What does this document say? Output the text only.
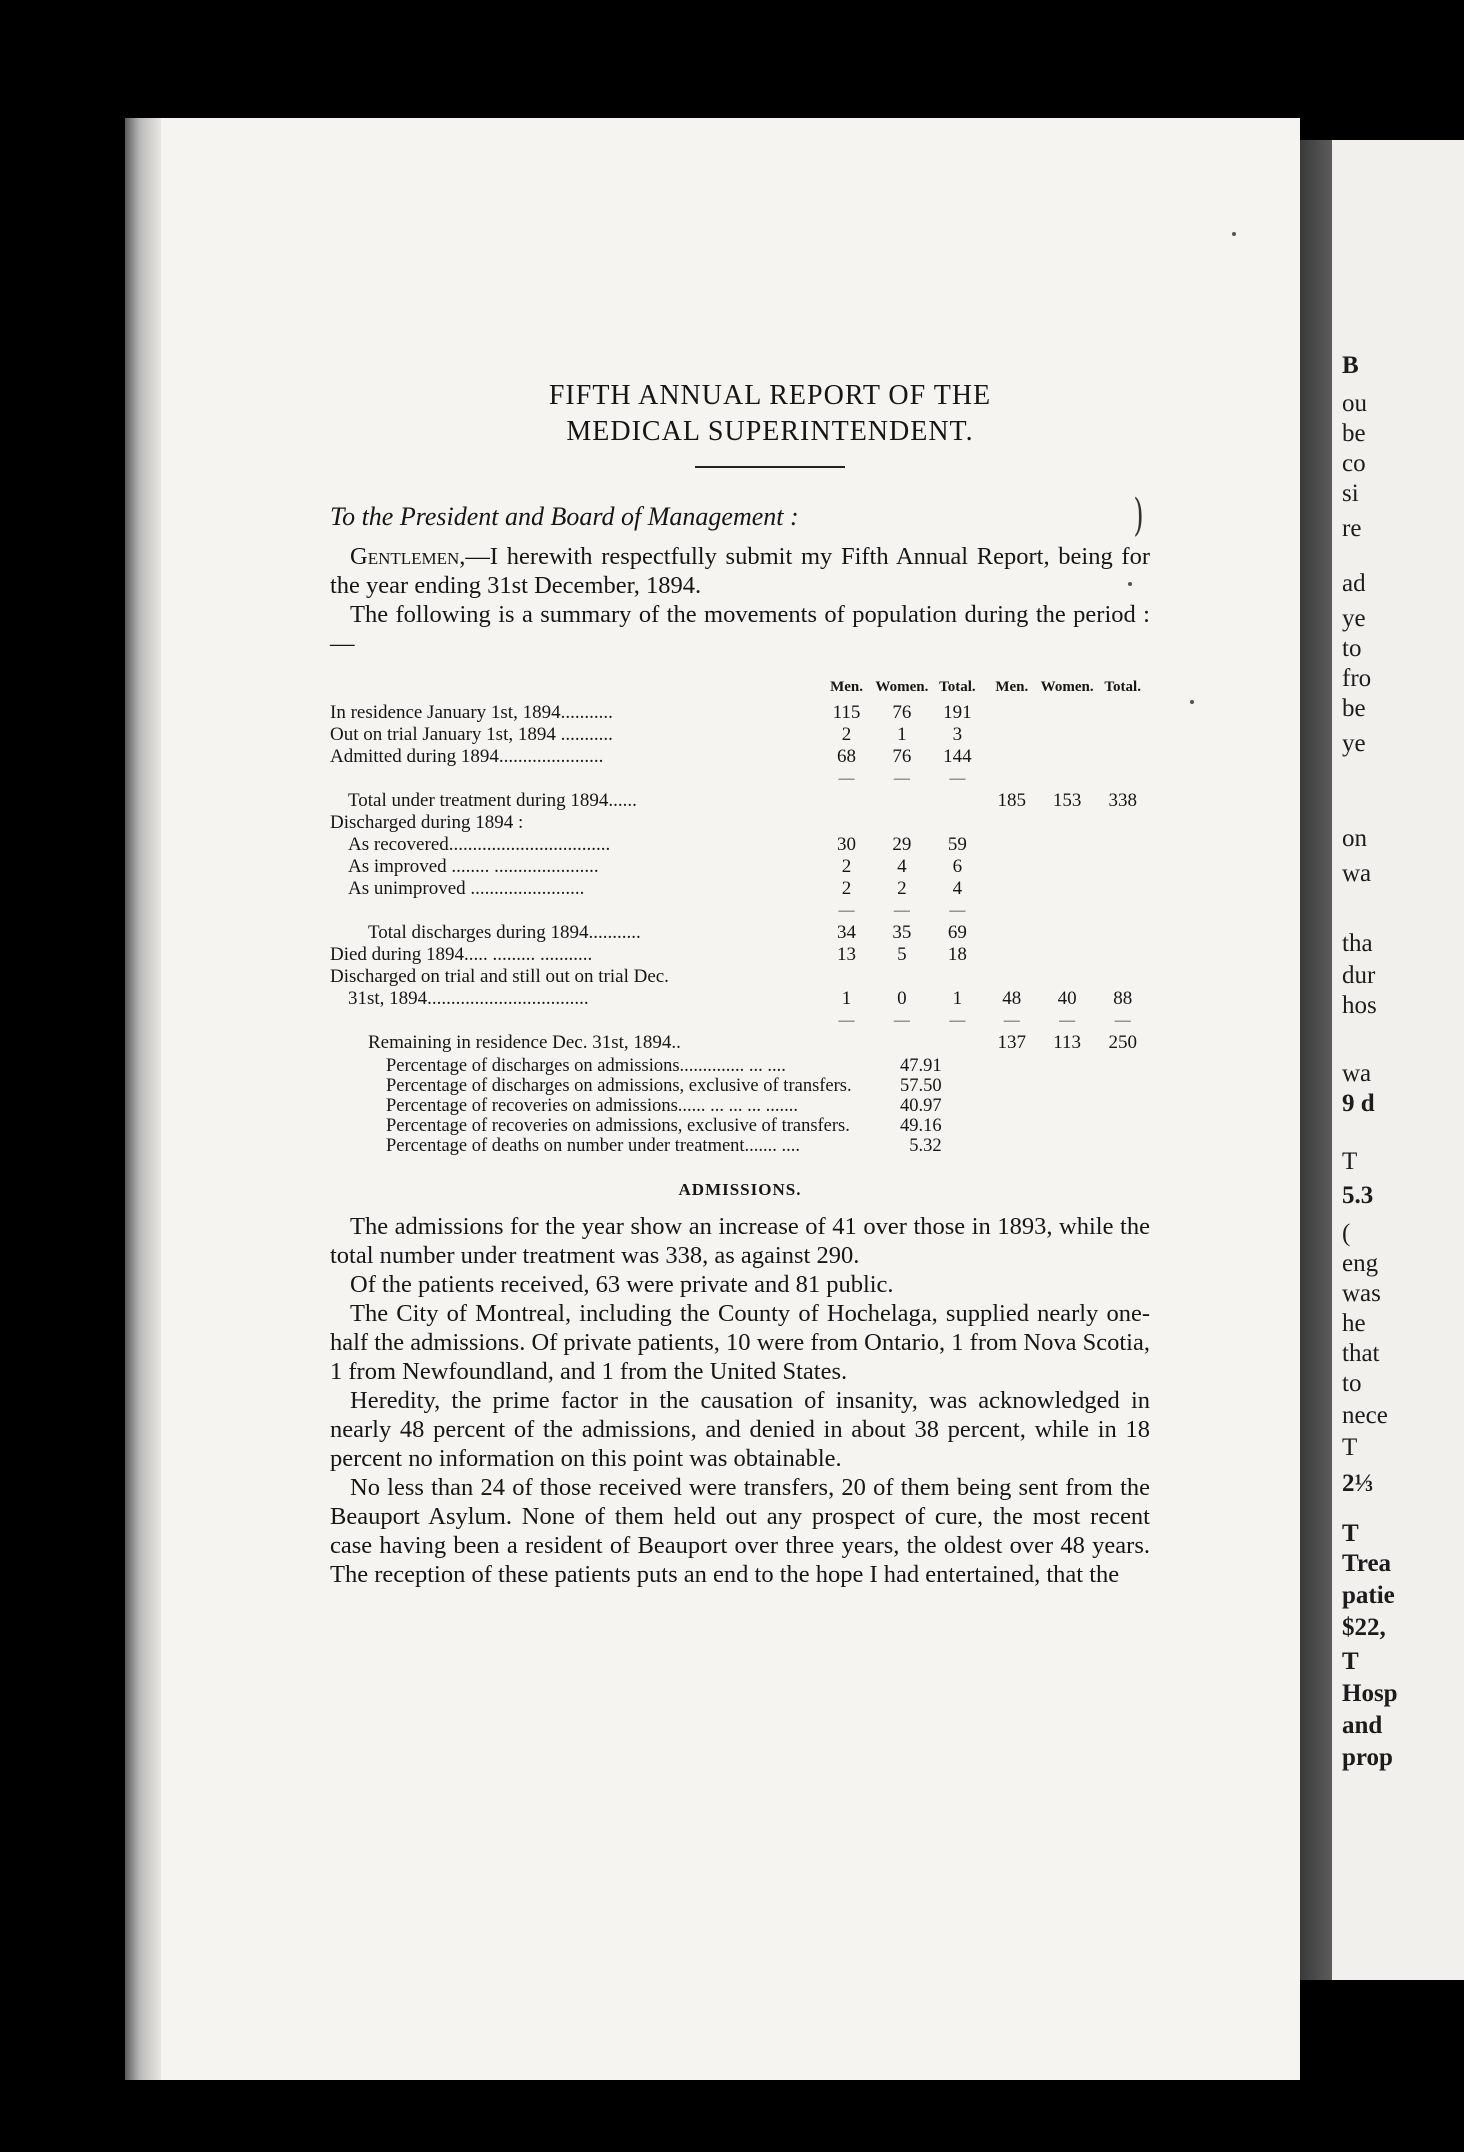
B

ou

be

co

si

re

ad

ye

to

fro

be

ye

on

wa

tha

dur

hos

wa

9 d

T

5.3

(

eng

was

he

that

to

nece

T

2⅓

T

Trea

patie

$22,

T

Hosp

and

prop

)
FIFTH ANNUAL REPORT OF THE
MEDICAL SUPERINTENDENT.
To the President and Board of Management :

Gentlemen,—I herewith respectfully submit my Fifth Annual Report, being for the year ending 31st December, 1894.

The following is a summary of the movements of population during the period :—

	Men.	Women.	Total.	Men.	Women.	Total.
In residence January 1st, 1894...........	115	76	191			
Out on trial January 1st, 1894 ...........	2	1	3			
Admitted during 1894......................	68	76	144			
	—	—	—			
Total under treatment during 1894......				185	153	338
Discharged during 1894 :						
As recovered..................................	30	29	59			
As improved ........ ......................	2	4	6			
As unimproved ........................	2	2	4			
	—	—	—			
Total discharges during 1894...........	34	35	69			
Died during 1894..... ......... ...........	13	5	18			
Discharged on trial and still out on trial Dec.						
31st, 1894..................................	1	0	1	48	40	88
	—	—	—	—	—	—
Remaining in residence Dec. 31st, 1894..				137	113	250
Percentage of discharges on admissions.............. ... ....	47.91
Percentage of discharges on admissions, exclusive of transfers.	57.50
Percentage of recoveries on admissions...... ... ... ... .......	40.97
Percentage of recoveries on admissions, exclusive of transfers.	49.16
Percentage of deaths on number under treatment....... ....	5.32
ADMISSIONS.

The admissions for the year show an increase of 41 over those in 1893, while the total number under treatment was 338, as against 290.

Of the patients received, 63 were private and 81 public.

The City of Montreal, including the County of Hochelaga, supplied nearly one-half the admissions. Of private patients, 10 were from Ontario, 1 from Nova Scotia, 1 from Newfoundland, and 1 from the United States.

Heredity, the prime factor in the causation of insanity, was acknowledged in nearly 48 percent of the admissions, and denied in about 38 percent, while in 18 percent no information on this point was obtainable.

No less than 24 of those received were transfers, 20 of them being sent from the Beauport Asylum. None of them held out any prospect of cure, the most recent case having been a resident of Beauport over three years, the oldest over 48 years. The reception of these patients puts an end to the hope I had entertained, that the
